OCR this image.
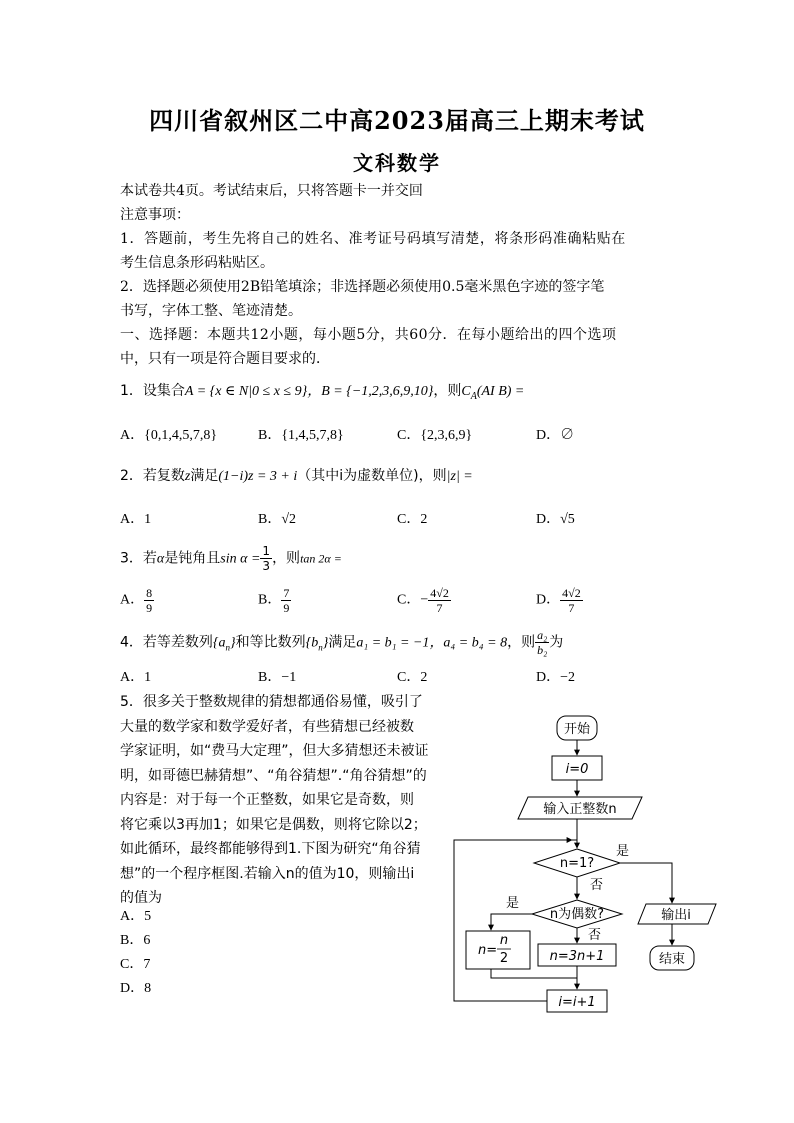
四川省叙州区二中高2023届高三上期末考试
文科数学
本试卷共4页。考试结束后，只将答题卡一并交回
注意事项：
1．答题前，考生先将自己的姓名、准考证号码填写清楚，将条形码准确粘贴在
考生信息条形码粘贴区。
2．选择题必须使用2B铅笔填涂；非选择题必须使用0.5毫米黑色字迹的签字笔
书写，字体工整、笔迹清楚。
一、选择题：本题共12小题，每小题5分，共60分．在每小题给出的四个选项
中，只有一项是符合题目要求的．
1．设集合A = {x ∈ N|0 ≤ x ≤ 9}，B = {−1,2,3,6,9,10}，则$C_A(AI$ B) =
A．{0,1,4,5,7,8}	B．{1,4,5,7,8}	C．{2,3,6,9}	D．∅
2．若复数z满足(1−i)z = 3 + i（其中i为虚数单位)，则|z| =
A．1	B．√2	C．2	D．√5
3．若α是钝角且$\sin \alpha = \frac{1}{3}$ ，则tan 2α =
A． $\frac{8}{9}$	B． $\frac{7}{9}$	C．− $\frac{4√2}{7}$	D． $\frac{4√2}{7}$
4．若等差数列$\{a_n\}$和等比数列$\{b_n\}$满足a₁ = b₁ = −1，a₄ = b₄ = 8，则 $\frac{\text{a₂}}{\text{b₂}}$ 为
A．1	B．−1	C．2	D．−2
5．很多关于整数规律的猜想都通俗易懂，吸引了
大量的数学家和数学爱好者，有些猜想已经被数
学家证明，如“费马大定理”，但大多猜想还未被证
明，如哥德巴赫猜想”、“角谷猜想”.“角谷猜想”的
内容是：对于每一个正整数，如果它是奇数，则
将它乘以3再加1；如果它是偶数，则将它除以2；
如此循环，最终都能够得到1.下图为研究“角谷猜
想”的一个程序框图.若输入n的值为10，则输出i
的值为
A．5
B．6
C．7
D．8
开始
i=0
输入正整数n
n=1?
是
否
n为偶数?
是
否
n=
n
2	n=3n+1
i=i+1
输出i
结束
